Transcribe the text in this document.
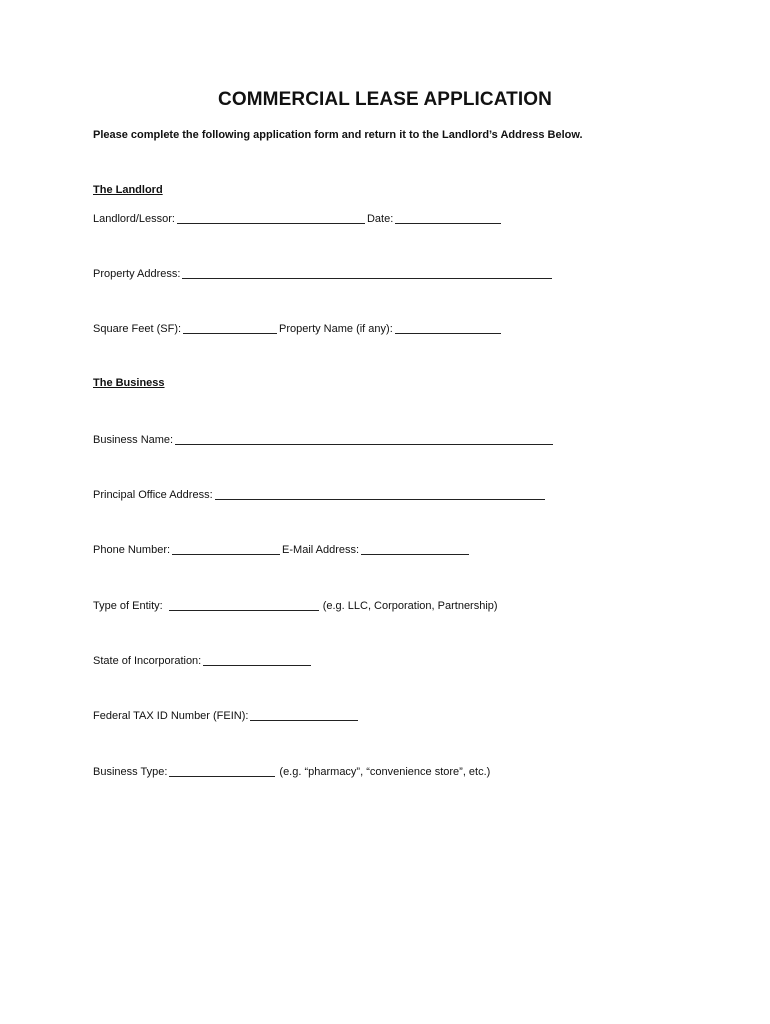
COMMERCIAL LEASE APPLICATION
Please complete the following application form and return it to the Landlord’s Address Below.
The Landlord
Landlord/Lessor:	Date:
Property Address:
Square Feet (SF):	Property Name (if any):
The Business
Business Name:
Principal Office Address:
Phone Number:	E-Mail Address:
Type of Entity:	(e.g. LLC, Corporation, Partnership)
State of Incorporation:
Federal TAX ID Number (FEIN):
Business Type:	(e.g. “pharmacy”, “convenience store”, etc.)
